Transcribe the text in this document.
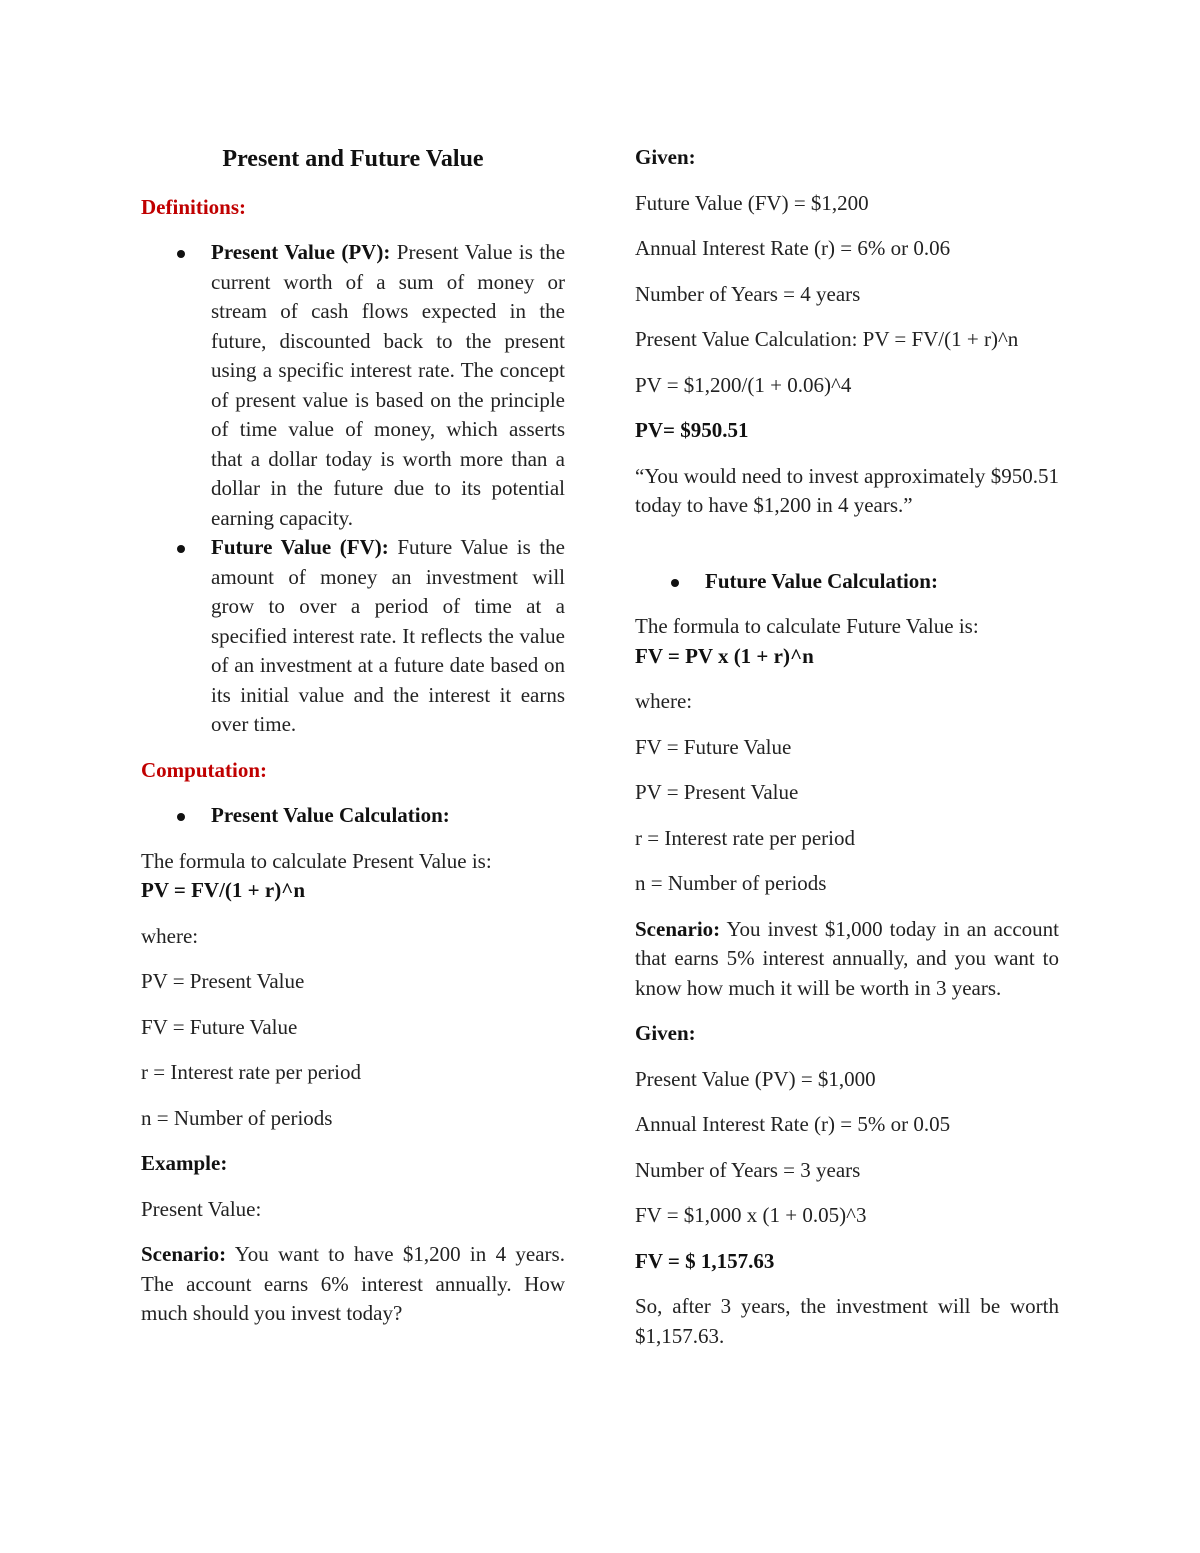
Present and Future Value

Definitions:

Present Value (PV): Present Value is the current worth of a sum of money or stream of cash flows expected in the future, discounted back to the present using a specific interest rate. The concept of present value is based on the principle of time value of money, which asserts that a dollar today is worth more than a dollar in the future due to its potential earning capacity.
Future Value (FV): Future Value is the amount of money an investment will grow to over a period of time at a specified interest rate. It reflects the value of an investment at a future date based on its initial value and the interest it earns over time.

Computation:

Present Value Calculation:

The formula to calculate Present Value is:

PV = FV/(1 + r)^n

where:

PV = Present Value

FV = Future Value

r = Interest rate per period

n = Number of periods

Example:

Present Value:

Scenario: You want to have $1,200 in 4 years. The account earns 6% interest annually. How much should you invest today?

Given:

Future Value (FV) = $1,200

Annual Interest Rate (r) = 6% or 0.06

Number of Years = 4 years

Present Value Calculation: PV = FV/(1 + r)^n

PV = $1,200/(1 + 0.06)^4

PV= $950.51

“You would need to invest approximately $950.51 today to have $1,200 in 4 years.”

Future Value Calculation:

The formula to calculate Future Value is:

FV = PV x (1 + r)^n

where:

FV = Future Value

PV = Present Value

r = Interest rate per period

n = Number of periods

Scenario: You invest $1,000 today in an account that earns 5% interest annually, and you want to know how much it will be worth in 3 years.

Given:

Present Value (PV) = $1,000

Annual Interest Rate (r) = 5% or 0.05

Number of Years = 3 years

FV = $1,000 x (1 + 0.05)^3

FV = $ 1,157.63

So, after 3 years, the investment will be worth $1,157.63.
